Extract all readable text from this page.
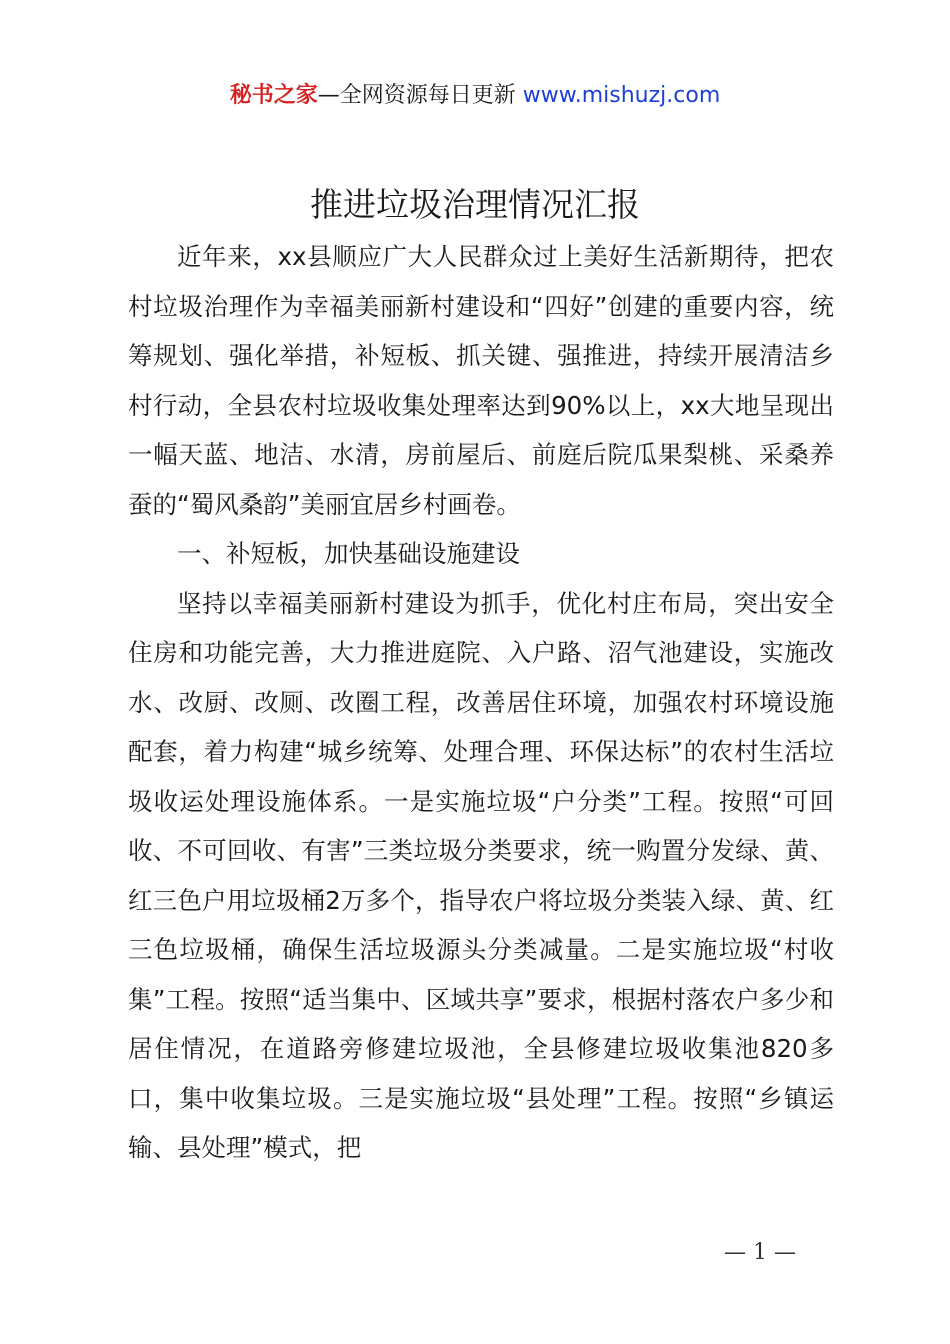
秘书之家—全网资源每日更新 www.mishuzj.com
推进垃圾治理情况汇报

近年来，xx县顺应广大人民群众过上美好生活新期待，把农村垃圾治理作为幸福美丽新村建设和“四好”创建的重要内容，统筹规划、强化举措，补短板、抓关键、强推进，持续开展清洁乡村行动，全县农村垃圾收集处理率达到90%以上，xx大地呈现出一幅天蓝、地洁、水清，房前屋后、前庭后院瓜果梨桃、采桑养蚕的“蜀风桑韵”美丽宜居乡村画卷。

一、补短板，加快基础设施建设

坚持以幸福美丽新村建设为抓手，优化村庄布局，突出安全住房和功能完善，大力推进庭院、入户路、沼气池建设，实施改水、改厨、改厕、改圈工程，改善居住环境，加强农村环境设施配套，着力构建“城乡统筹、处理合理、环保达标”的农村生活垃圾收运处理设施体系。一是实施垃圾“户分类”工程。按照“可回收、不可回收、有害”三类垃圾分类要求，统一购置分发绿、黄、红三色户用垃圾桶2万多个，指导农户将垃圾分类装入绿、黄、红三色垃圾桶，确保生活垃圾源头分类减量。二是实施垃圾“村收集”工程。按照“适当集中、区域共享”要求，根据村落农户多少和居住情况，在道路旁修建垃圾池，全县修建垃圾收集池820多口，集中收集垃圾。三是实施垃圾“县处理”工程。按照“乡镇运输、县处理”模式，把

— 1 —
